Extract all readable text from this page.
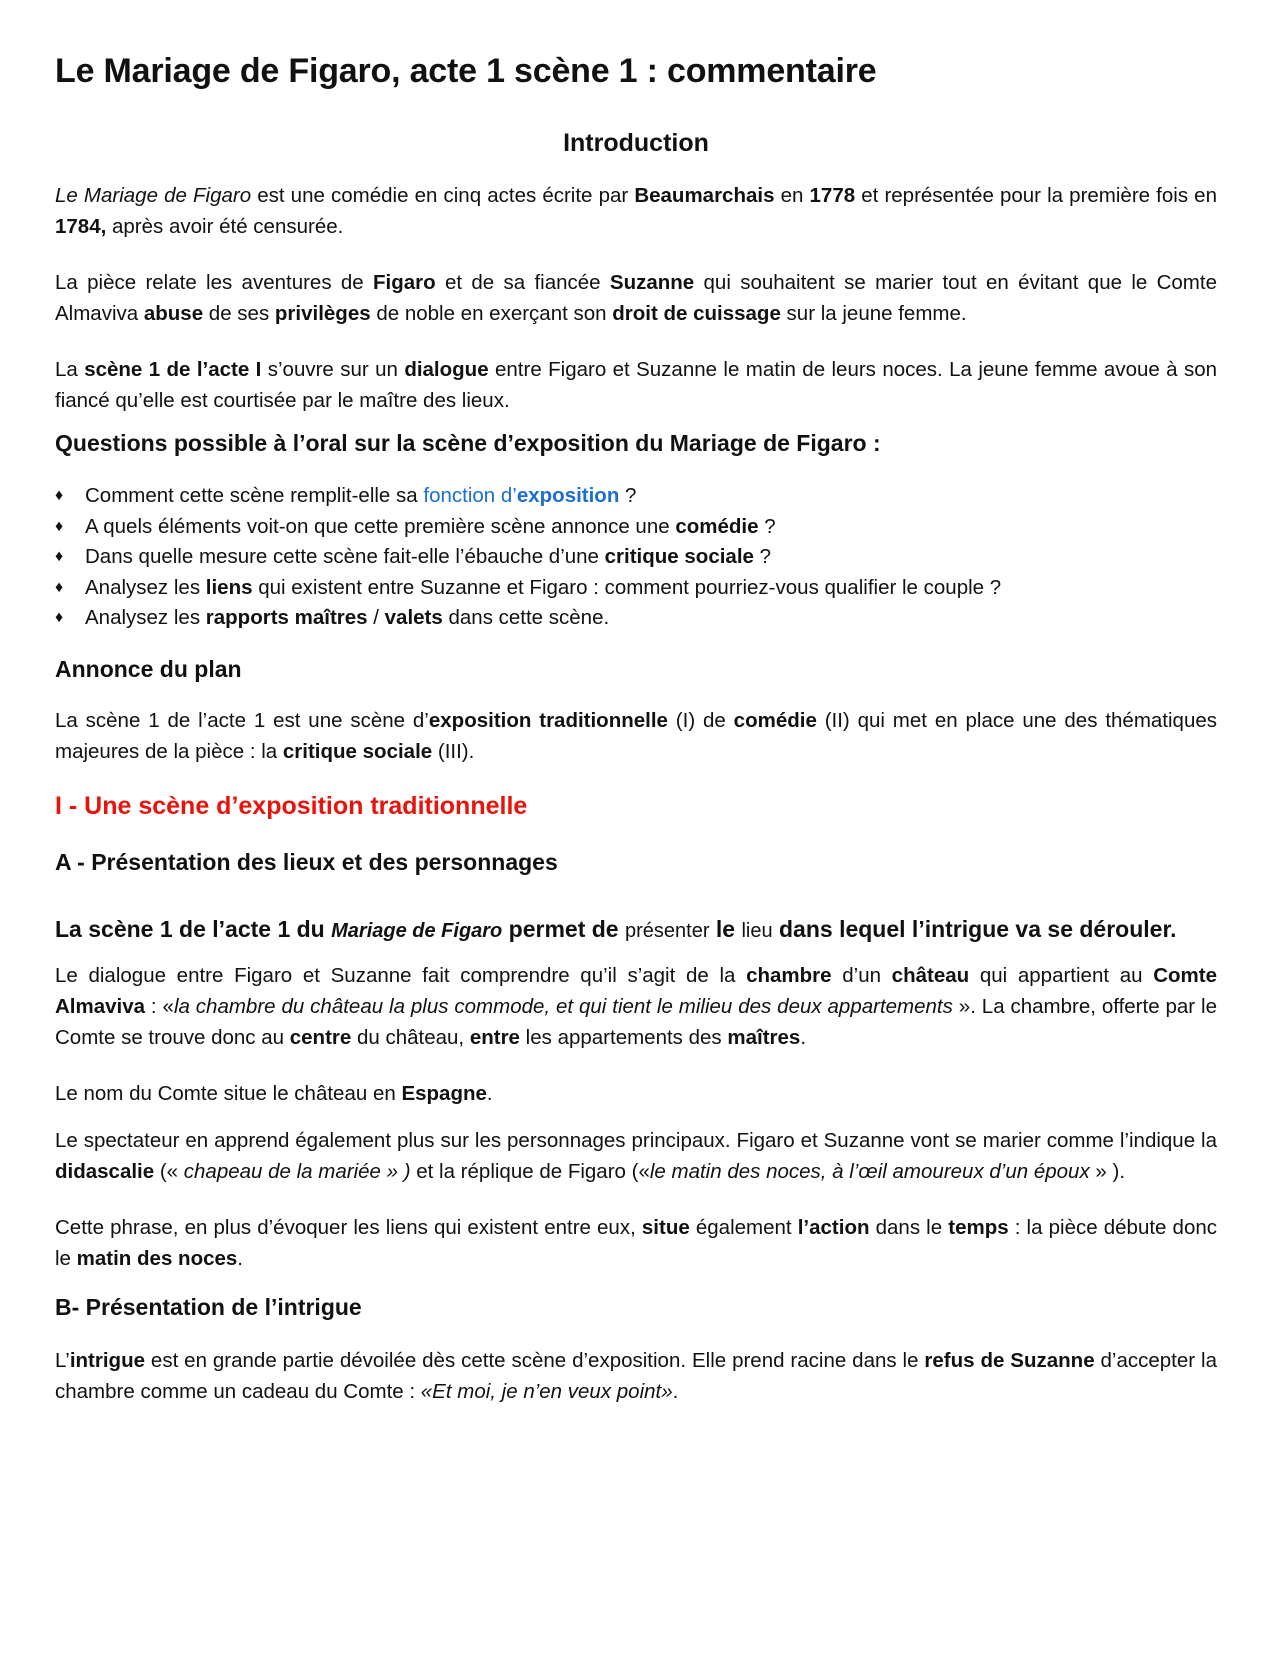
Le Mariage de Figaro, acte 1 scène 1 : commentaire
Introduction

Le Mariage de Figaro est une comédie en cinq actes écrite par Beaumarchais en 1778 et représentée pour la première fois en 1784, après avoir été censurée.

La pièce relate les aventures de Figaro et de sa fiancée Suzanne qui souhaitent se marier tout en évitant que le Comte Almaviva abuse de ses privilèges de noble en exerçant son droit de cuissage sur la jeune femme.

La scène 1 de l’acte I s’ouvre sur un dialogue entre Figaro et Suzanne le matin de leurs noces. La jeune femme avoue à son fiancé qu’elle est courtisée par le maître des lieux.

Questions possible à l’oral sur la scène d’exposition du Mariage de Figaro :
♦ Comment cette scène remplit-elle sa fonction d’exposition ?
♦ A quels éléments voit-on que cette première scène annonce une comédie ?
♦ Dans quelle mesure cette scène fait-elle l’ébauche d’une critique sociale ?
♦ Analysez les liens qui existent entre Suzanne et Figaro : comment pourriez-vous qualifier le couple ?
♦ Analysez les rapports maîtres / valets dans cette scène.
Annonce du plan

La scène 1 de l’acte 1 est une scène d’exposition traditionnelle (I) de comédie (II) qui met en place une des thématiques majeures de la pièce : la critique sociale (III).

I - Une scène d’exposition traditionnelle
A - Présentation des lieux et des personnages

La scène 1 de l’acte 1 du Mariage de Figaro permet de présenter le lieu dans lequel l’intrigue va se dérouler.

Le dialogue entre Figaro et Suzanne fait comprendre qu’il s’agit de la chambre d’un château qui appartient au Comte Almaviva : «la chambre du château la plus commode, et qui tient le milieu des deux appartements ». La chambre, offerte par le Comte se trouve donc au centre du château, entre les appartements des maîtres.

Le nom du Comte situe le château en Espagne.

Le spectateur en apprend également plus sur les personnages principaux. Figaro et Suzanne vont se marier comme l’indique la didascalie (« chapeau de la mariée » ) et la réplique de Figaro («le matin des noces, à l’œil amoureux d’un époux » ).

Cette phrase, en plus d’évoquer les liens qui existent entre eux, situe également l’action dans le temps : la pièce débute donc le matin des noces.

B- Présentation de l’intrigue

L’intrigue est en grande partie dévoilée dès cette scène d’exposition. Elle prend racine dans le refus de Suzanne d’accepter la chambre comme un cadeau du Comte : «Et moi, je n’en veux point».
